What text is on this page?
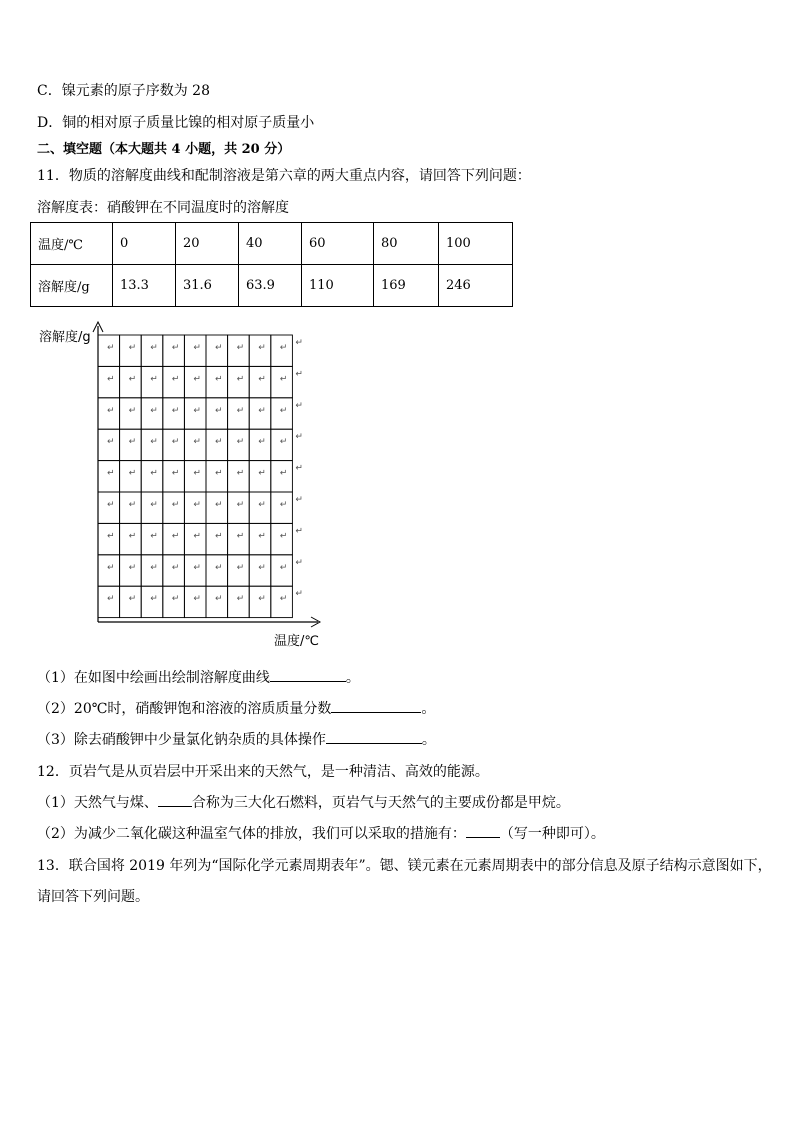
C．镍元素的原子序数为 28
D．铜的相对原子质量比镍的相对原子质量小
二、填空题（本大题共 4 小题，共 20 分）
11．物质的溶解度曲线和配制溶液是第六章的两大重点内容，请回答下列问题：
溶解度表：硝酸钾在不同温度时的溶解度
温度/℃	0	20	40	60	80	100
溶解度/g	13.3	31.6	63.9	110	169	246
溶解度/g
温度/℃
↵ ↵ ↵ ↵ ↵ ↵ ↵ ↵ ↵ ↵
↵ ↵ ↵ ↵ ↵ ↵ ↵ ↵ ↵ ↵
↵ ↵ ↵ ↵ ↵ ↵ ↵ ↵ ↵ ↵
↵ ↵ ↵ ↵ ↵ ↵ ↵ ↵ ↵ ↵
↵ ↵ ↵ ↵ ↵ ↵ ↵ ↵ ↵ ↵
↵ ↵ ↵ ↵ ↵ ↵ ↵ ↵ ↵ ↵
↵ ↵ ↵ ↵ ↵ ↵ ↵ ↵ ↵ ↵
↵ ↵ ↵ ↵ ↵ ↵ ↵ ↵ ↵ ↵
↵ ↵ ↵ ↵ ↵ ↵ ↵ ↵ ↵ ↵
（1）在如图中绘画出绘制溶解度曲线	。
（2）20℃时，硝酸钾饱和溶液的溶质质量分数	。
（3）除去硝酸钾中少量氯化钠杂质的具体操作	。
12．页岩气是从页岩层中开采出来的天然气，是一种清洁、高效的能源。
（1）天然气与煤、 合称为三大化石燃料，页岩气与天然气的主要成份都是甲烷。
（2）为减少二氧化碳这种温室气体的排放，我们可以采取的措施有： （写一种即可）。
13．联合国将 2019 年列为“国际化学元素周期表年”。锶、镁元素在元素周期表中的部分信息及原子结构示意图如下，
请回答下列问题。
